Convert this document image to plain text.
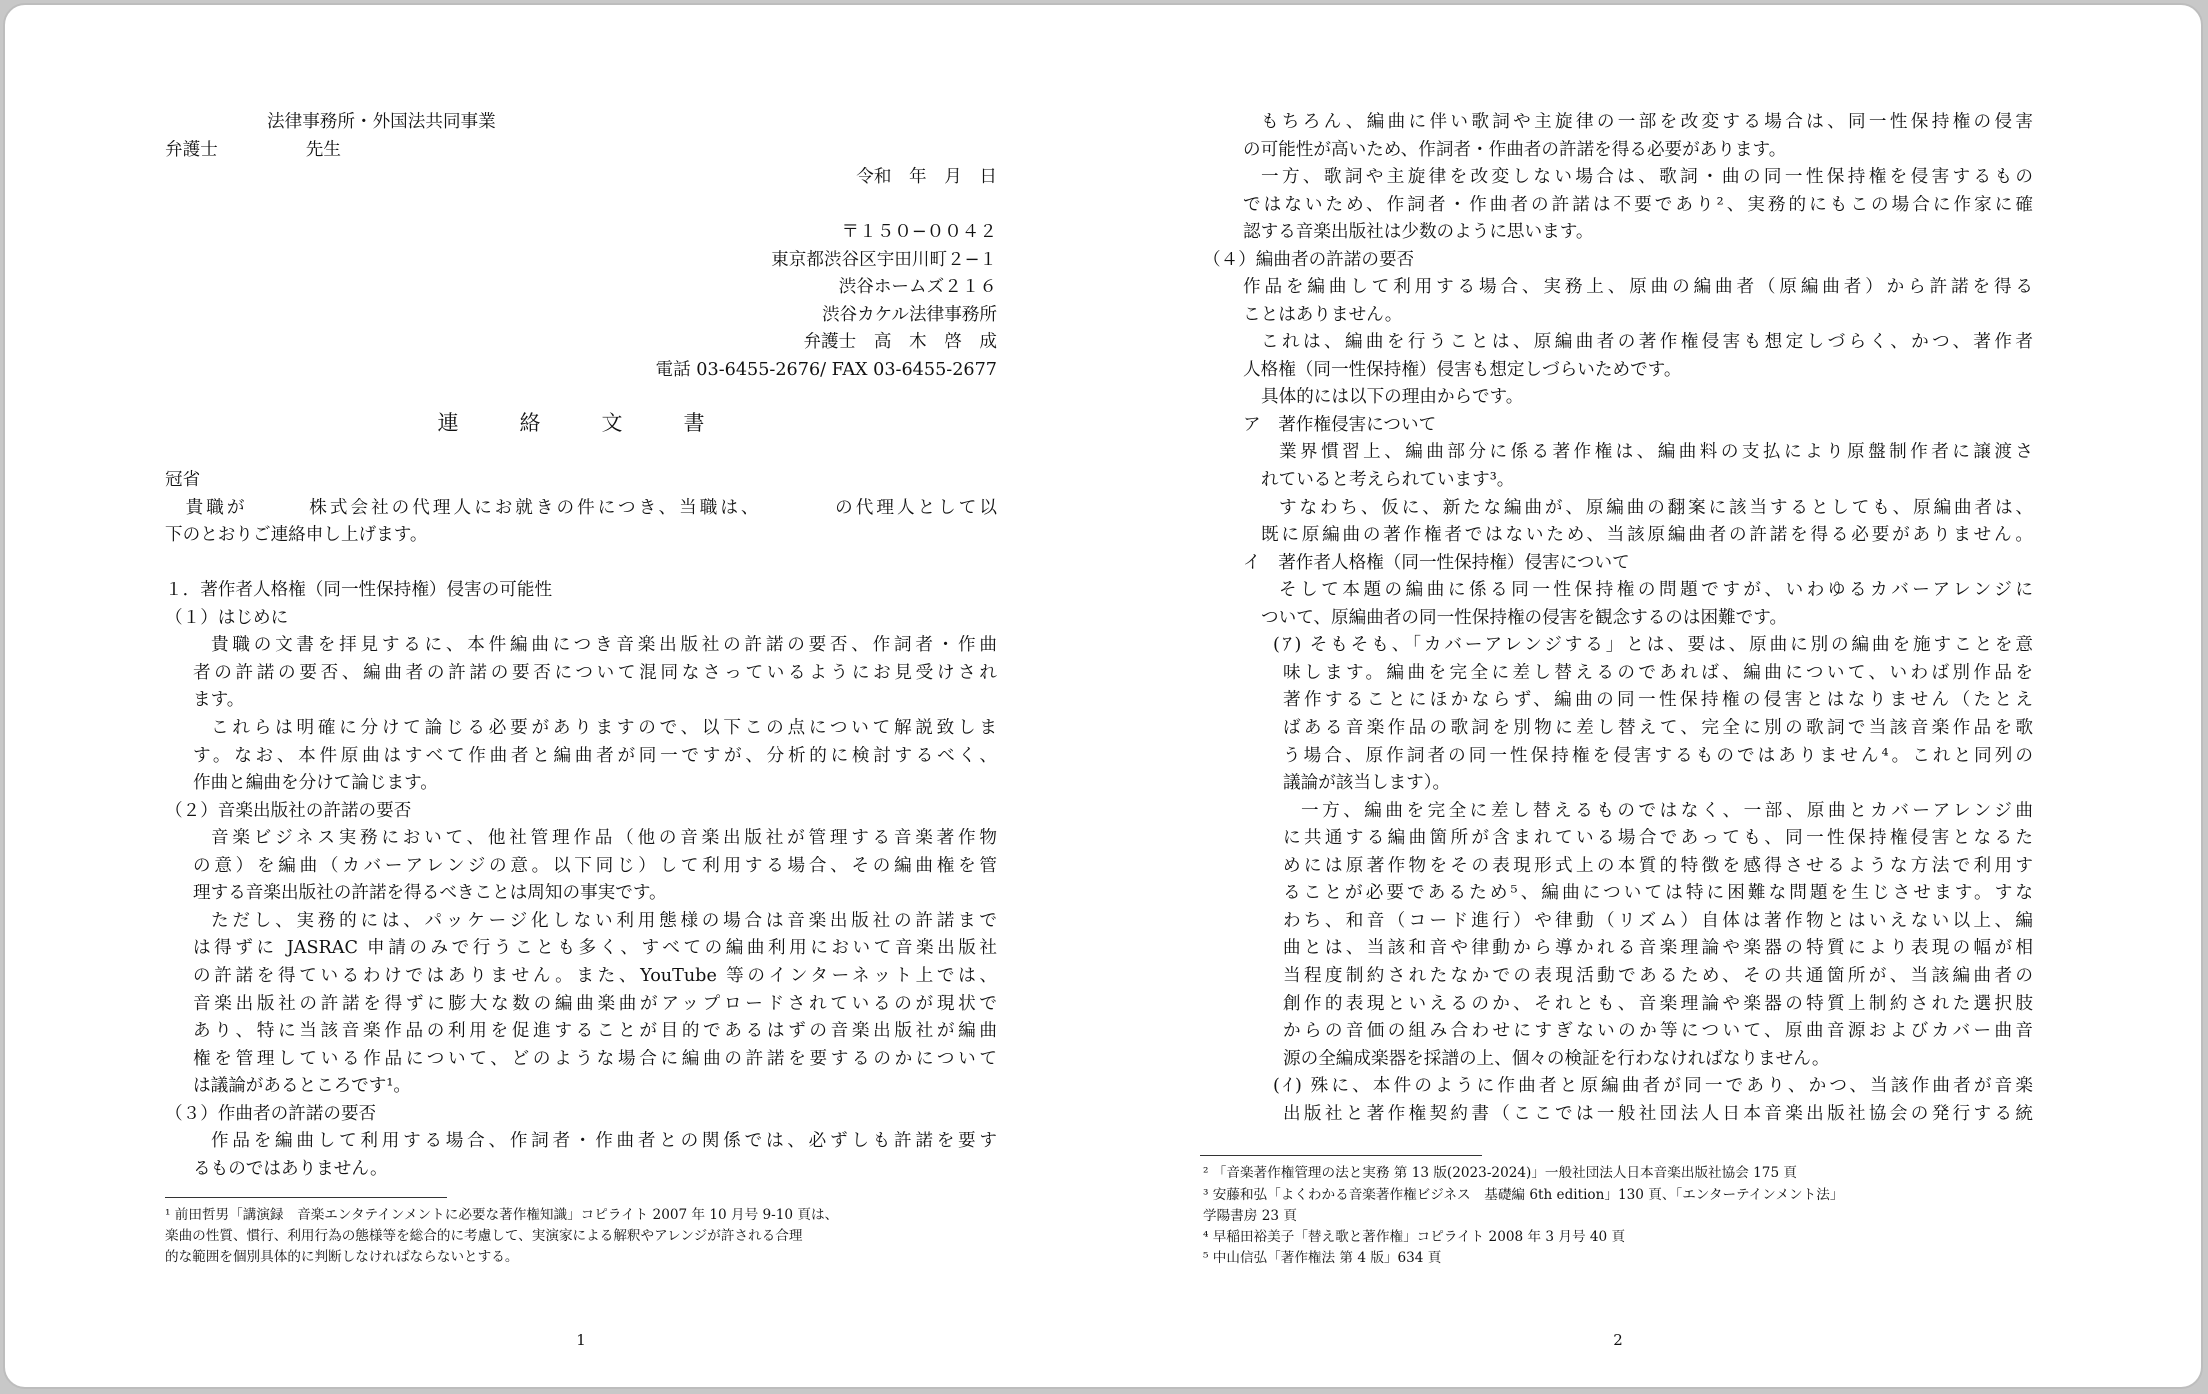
法律事務所・外国法共同事業
弁護士　　　　　先生
令和　年　月　日
〒１５０−００４２
東京都渋谷区宇田川町２−１
渋谷ホームズ２１６
渋谷カケル法律事務所
弁護士　高　木　啓　成
電話 03-6455-2676/ FAX 03-6455-2677
連　絡　文　書
冠省
　貴職が　　　株式会社の代理人にお就きの件につき、当職は、　　　　の代理人として以
下のとおりご連絡申し上げます。
１．著作者人格権（同一性保持権）侵害の可能性
（１）はじめに
貴職の文書を拝見するに、本件編曲につき音楽出版社の許諾の要否、作詞者・作曲
者の許諾の要否、編曲者の許諾の要否について混同なさっているようにお見受けされ
ます。
これらは明確に分けて論じる必要がありますので、以下この点について解説致しま
す。なお、本件原曲はすべて作曲者と編曲者が同一ですが、分析的に検討するべく、
作曲と編曲を分けて論じます。
（２）音楽出版社の許諾の要否
音楽ビジネス実務において、他社管理作品（他の音楽出版社が管理する音楽著作物
の意）を編曲（カバーアレンジの意。以下同じ）して利用する場合、その編曲権を管
理する音楽出版社の許諾を得るべきことは周知の事実です。
ただし、実務的には、パッケージ化しない利用態様の場合は音楽出版社の許諾まで
は得ずに JASRAC 申請のみで行うことも多く、すべての編曲利用において音楽出版社
の許諾を得ているわけではありません。また、YouTube 等のインターネット上では、
音楽出版社の許諾を得ずに膨大な数の編曲楽曲がアップロードされているのが現状で
あり、特に当該音楽作品の利用を促進することが目的であるはずの音楽出版社が編曲
権を管理している作品について、どのような場合に編曲の許諾を要するのかについて
は議論があるところです¹。
（３）作曲者の許諾の要否
作品を編曲して利用する場合、作詞者・作曲者との関係では、必ずしも許諾を要す
るものではありません。
¹ 前田哲男「講演録　音楽エンタテインメントに必要な著作権知識」コピライト 2007 年 10 月号 9-10 頁は、
楽曲の性質、慣行、利用行為の態様等を総合的に考慮して、実演家による解釈やアレンジが許される合理
的な範囲を個別具体的に判断しなければならないとする。
1
もちろん、編曲に伴い歌詞や主旋律の一部を改変する場合は、同一性保持権の侵害
の可能性が高いため、作詞者・作曲者の許諾を得る必要があります。
一方、歌詞や主旋律を改変しない場合は、歌詞・曲の同一性保持権を侵害するもの
ではないため、作詞者・作曲者の許諾は不要であり²、実務的にもこの場合に作家に確
認する音楽出版社は少数のように思います。
（４）編曲者の許諾の要否
作品を編曲して利用する場合、実務上、原曲の編曲者（原編曲者）から許諾を得る
ことはありません。
これは、編曲を行うことは、原編曲者の著作権侵害も想定しづらく、かつ、著作者
人格権（同一性保持権）侵害も想定しづらいためです。
具体的には以下の理由からです。
ア　著作権侵害について
業界慣習上、編曲部分に係る著作権は、編曲料の支払により原盤制作者に譲渡さ
れていると考えられています³。
すなわち、仮に、新たな編曲が、原編曲の翻案に該当するとしても、原編曲者は、
既に原編曲の著作権者ではないため、当該原編曲者の許諾を得る必要がありません。
イ　著作者人格権（同一性保持権）侵害について
そして本題の編曲に係る同一性保持権の問題ですが、いわゆるカバーアレンジに
ついて、原編曲者の同一性保持権の侵害を観念するのは困難です。
(ｱ) そもそも、「カバーアレンジする」とは、要は、原曲に別の編曲を施すことを意
味します。編曲を完全に差し替えるのであれば、編曲について、いわば別作品を
著作することにほかならず、編曲の同一性保持権の侵害とはなりません（たとえ
ばある音楽作品の歌詞を別物に差し替えて、完全に別の歌詞で当該音楽作品を歌
う場合、原作詞者の同一性保持権を侵害するものではありません⁴。これと同列の
議論が該当します）。
一方、編曲を完全に差し替えるものではなく、一部、原曲とカバーアレンジ曲
に共通する編曲箇所が含まれている場合であっても、同一性保持権侵害となるた
めには原著作物をその表現形式上の本質的特徴を感得させるような方法で利用す
ることが必要であるため⁵、編曲については特に困難な問題を生じさせます。すな
わち、和音（コード進行）や律動（リズム）自体は著作物とはいえない以上、編
曲とは、当該和音や律動から導かれる音楽理論や楽器の特質により表現の幅が相
当程度制約されたなかでの表現活動であるため、その共通箇所が、当該編曲者の
創作的表現といえるのか、それとも、音楽理論や楽器の特質上制約された選択肢
からの音価の組み合わせにすぎないのか等について、原曲音源およびカバー曲音
源の全編成楽器を採譜の上、個々の検証を行わなければなりません。
(ｲ) 殊に、本件のように作曲者と原編曲者が同一であり、かつ、当該作曲者が音楽
出版社と著作権契約書（ここでは一般社団法人日本音楽出版社協会の発行する統
² 「音楽著作権管理の法と実務 第 13 版(2023-2024)」一般社団法人日本音楽出版社協会 175 頁
³ 安藤和弘「よくわかる音楽著作権ビジネス　基礎編 6th edition」130 頁、「エンターテインメント法」
学陽書房 23 頁
⁴ 早稲田裕美子「替え歌と著作権」コピライト 2008 年 3 月号 40 頁
⁵ 中山信弘「著作権法 第 4 版」634 頁
2
